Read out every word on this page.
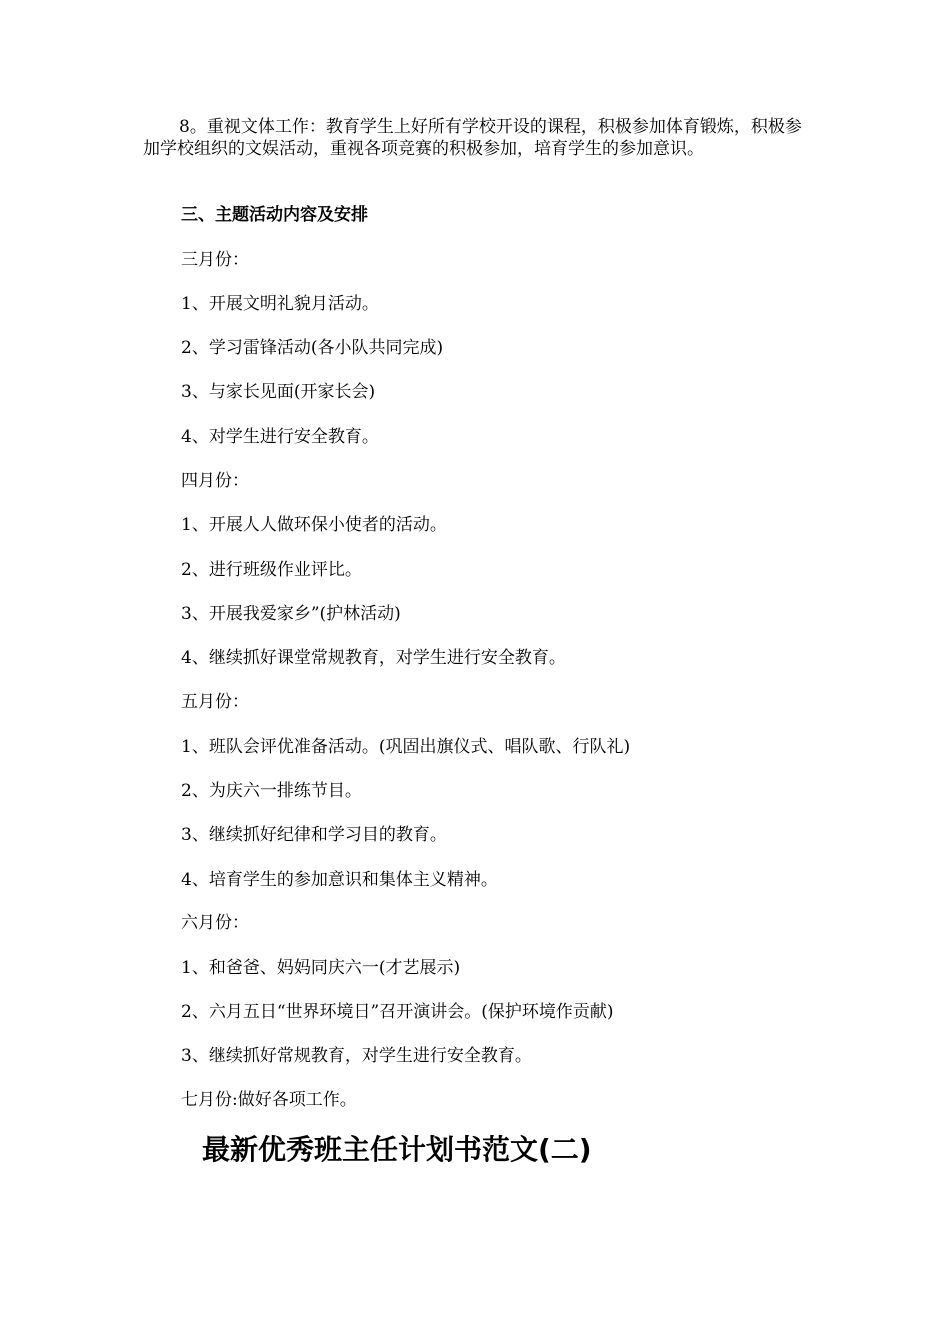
8。重视文体工作：教育学生上好所有学校开设的课程，积极参加体育锻炼，积极参加学校组织的文娱活动，重视各项竞赛的积极参加，培育学生的参加意识。

三、主题活动内容及安排

三月份：

1、开展文明礼貌月活动。

2、学习雷锋活动(各小队共同完成)

3、与家长见面(开家长会)

4、对学生进行安全教育。

四月份：

1、开展人人做环保小使者的活动。

2、进行班级作业评比。

3、开展我爱家乡”(护林活动)

4、继续抓好课堂常规教育，对学生进行安全教育。

五月份：

1、班队会评优准备活动。(巩固出旗仪式、唱队歌、行队礼)

2、为庆六一排练节目。

3、继续抓好纪律和学习目的教育。

4、培育学生的参加意识和集体主义精神。

六月份：

1、和爸爸、妈妈同庆六一(才艺展示)

2、六月五日“世界环境日”召开演讲会。(保护环境作贡献)

3、继续抓好常规教育，对学生进行安全教育。

七月份:做好各项工作。

最新优秀班主任计划书范文(二)
